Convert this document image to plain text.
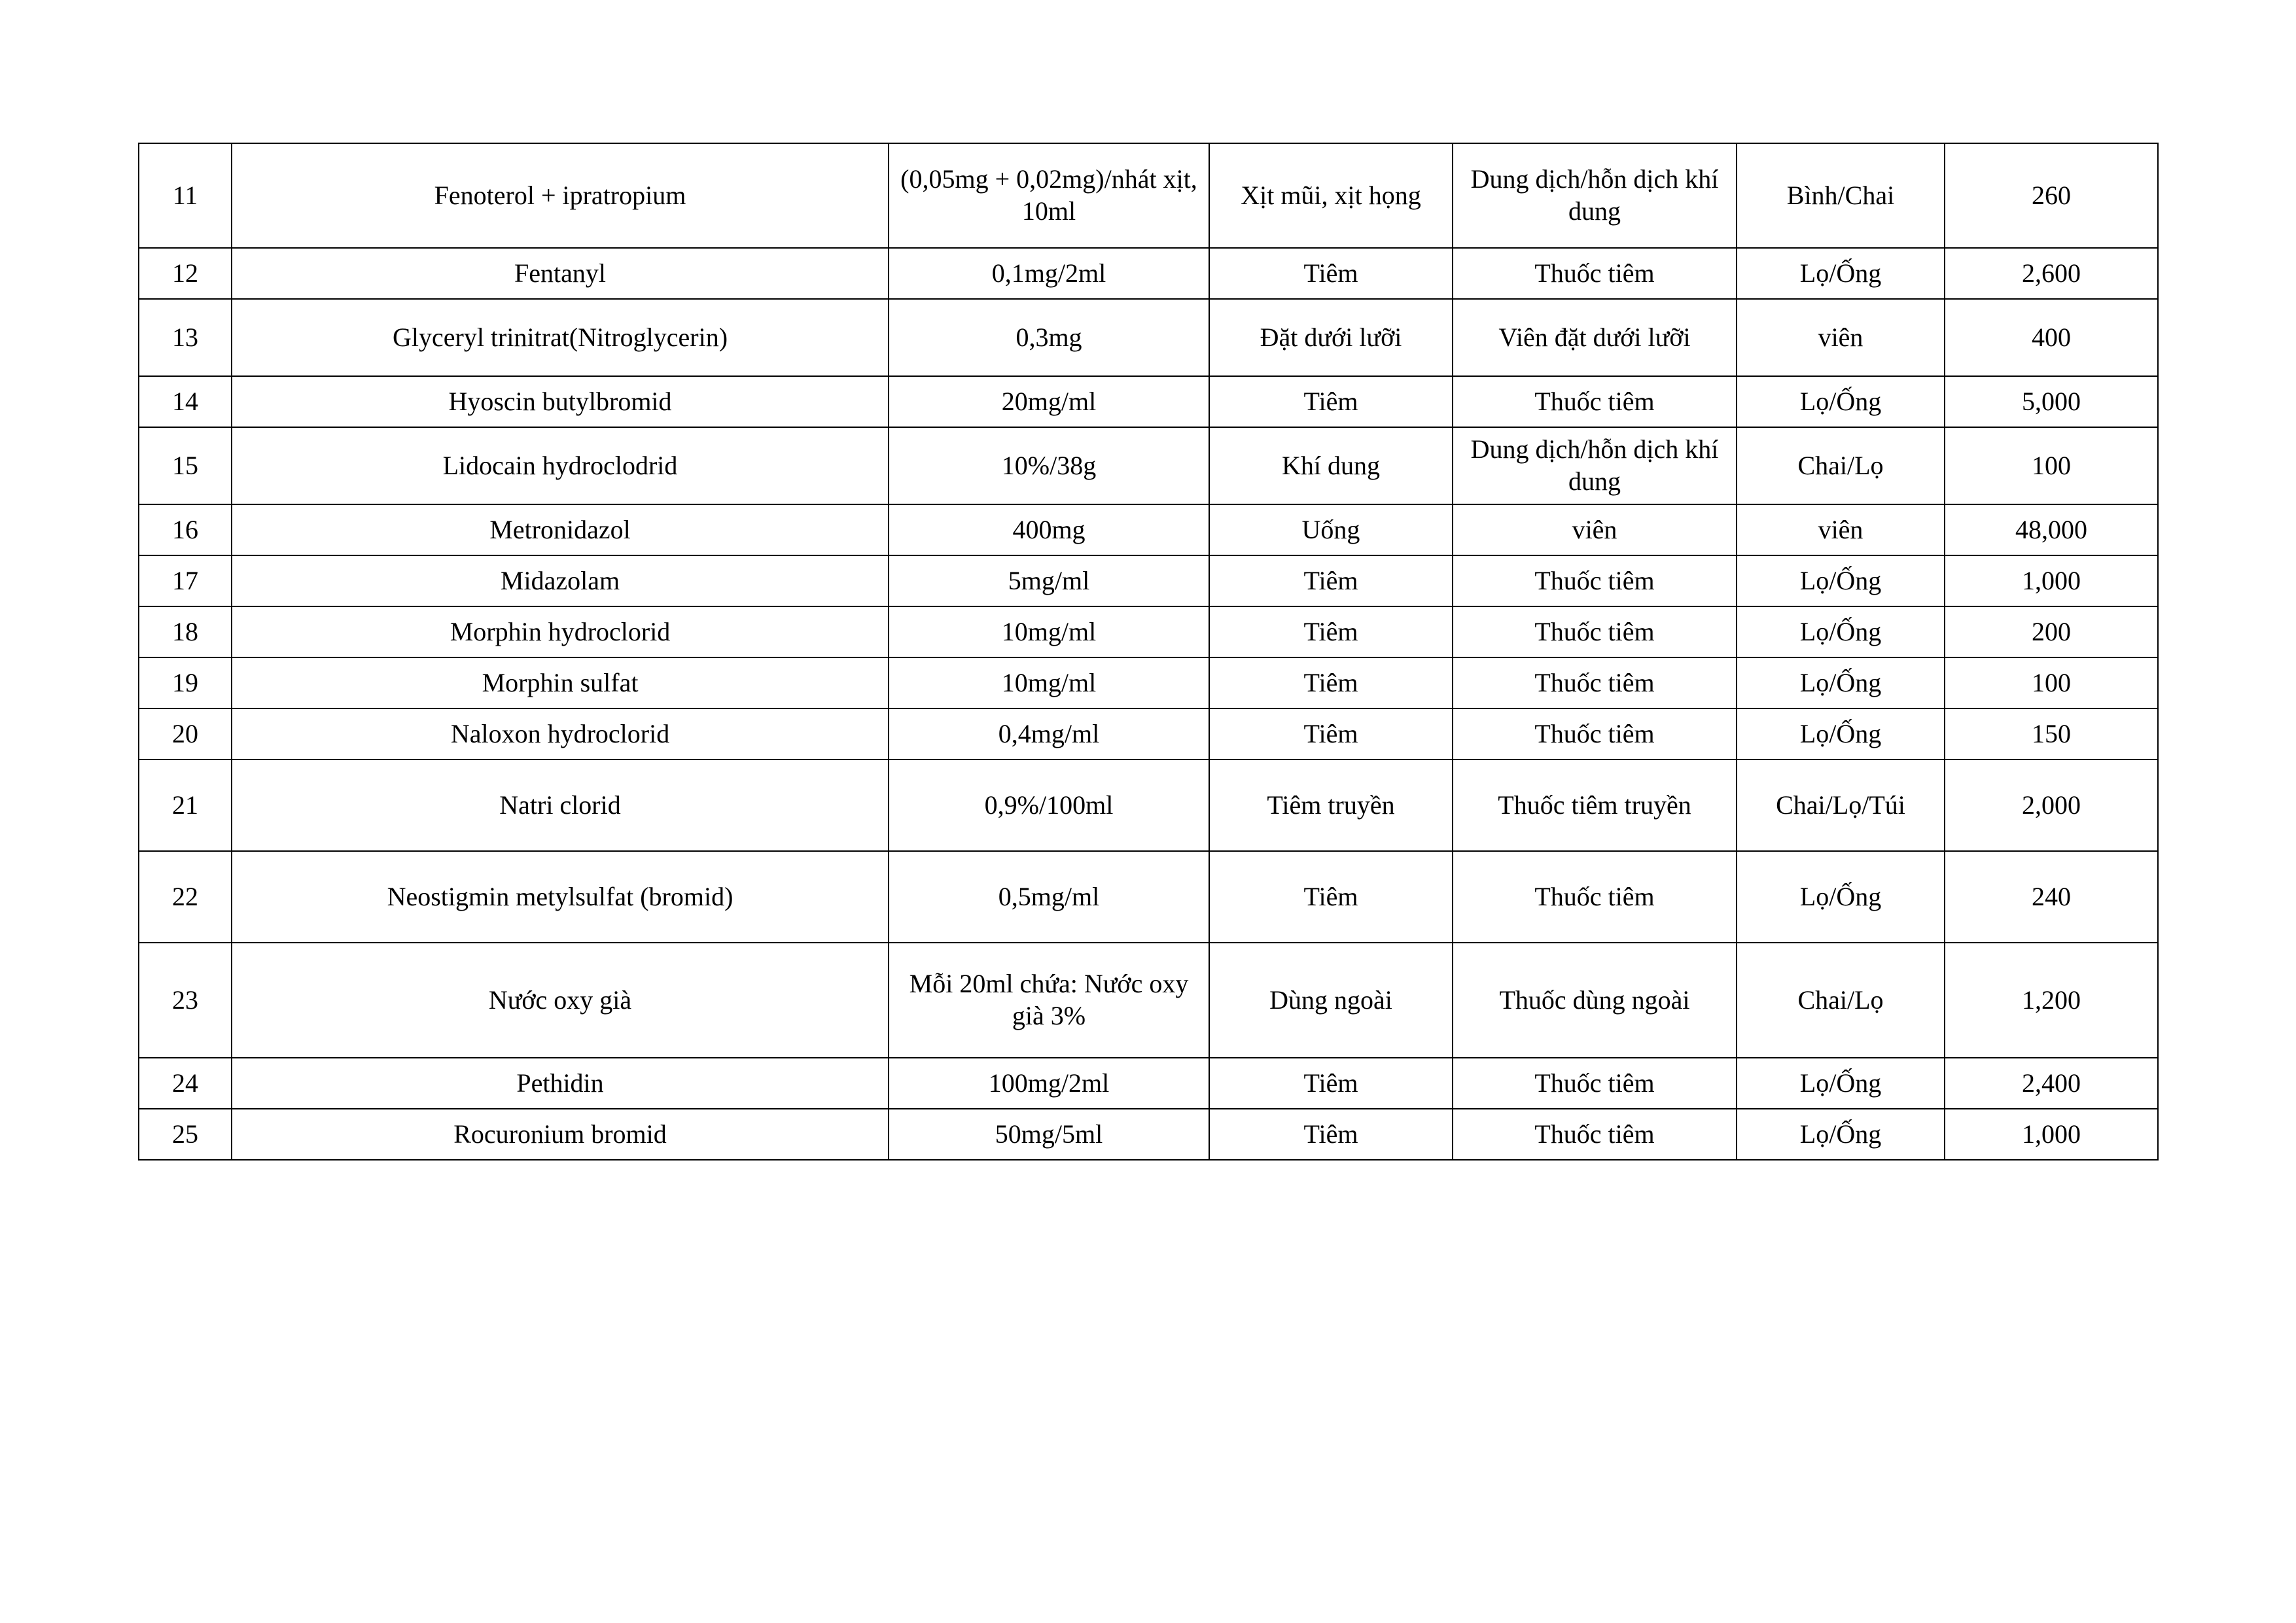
11	Fenoterol + ipratropium	(0,05mg + 0,02mg)/nhát xịt, 10ml	Xịt mũi, xịt họng	Dung dịch/hỗn dịch khí dung	Bình/Chai	260
12	Fentanyl	0,1mg/2ml	Tiêm	Thuốc tiêm	Lọ/Ống	2,600
13	Glyceryl trinitrat(Nitroglycerin)	0,3mg	Đặt dưới lưỡi	Viên đặt dưới lưỡi	viên	400
14	Hyoscin butylbromid	20mg/ml	Tiêm	Thuốc tiêm	Lọ/Ống	5,000
15	Lidocain hydroclodrid	10%/38g	Khí dung	Dung dịch/hỗn dịch khí dung	Chai/Lọ	100
16	Metronidazol	400mg	Uống	viên	viên	48,000
17	Midazolam	5mg/ml	Tiêm	Thuốc tiêm	Lọ/Ống	1,000
18	Morphin hydroclorid	10mg/ml	Tiêm	Thuốc tiêm	Lọ/Ống	200
19	Morphin sulfat	10mg/ml	Tiêm	Thuốc tiêm	Lọ/Ống	100
20	Naloxon hydroclorid	0,4mg/ml	Tiêm	Thuốc tiêm	Lọ/Ống	150
21	Natri clorid	0,9%/100ml	Tiêm truyền	Thuốc tiêm truyền	Chai/Lọ/Túi	2,000
22	Neostigmin metylsulfat (bromid)	0,5mg/ml	Tiêm	Thuốc tiêm	Lọ/Ống	240
23	Nước oxy già	Mỗi 20ml chứa: Nước oxy già 3%	Dùng ngoài	Thuốc dùng ngoài	Chai/Lọ	1,200
24	Pethidin	100mg/2ml	Tiêm	Thuốc tiêm	Lọ/Ống	2,400
25	Rocuronium bromid	50mg/5ml	Tiêm	Thuốc tiêm	Lọ/Ống	1,000
